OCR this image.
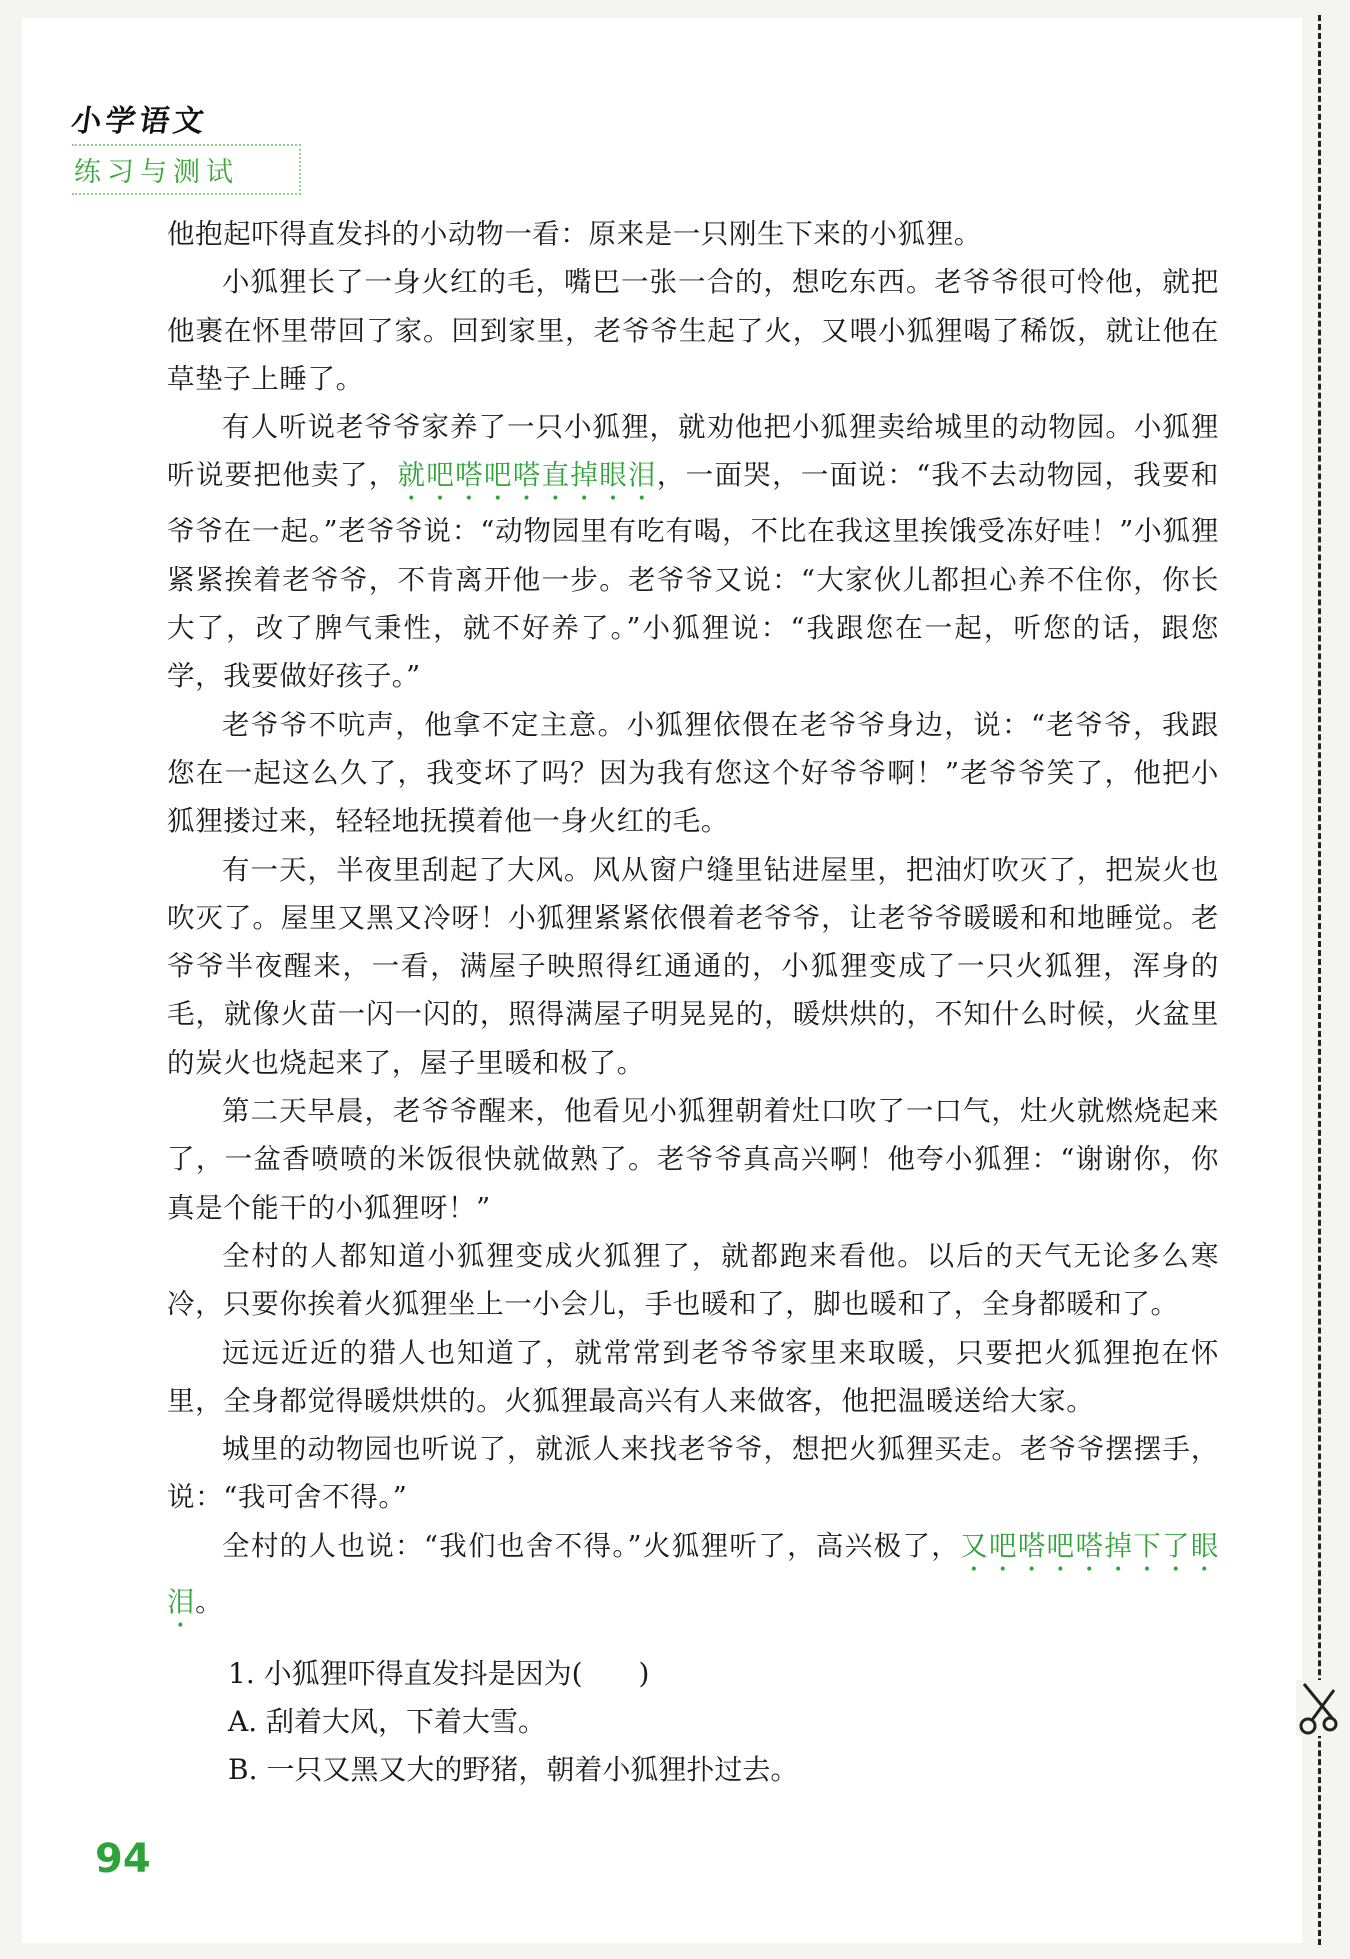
小学语文
练习与测试

他抱起吓得直发抖的小动物一看：原来是一只刚生下来的小狐狸。

小狐狸长了一身火红的毛，嘴巴一张一合的，想吃东西。老爷爷很可怜他，就把他裹在怀里带回了家。回到家里，老爷爷生起了火，又喂小狐狸喝了稀饭，就让他在草垫子上睡了。

有人听说老爷爷家养了一只小狐狸，就劝他把小狐狸卖给城里的动物园。小狐狸听说要把他卖了，就吧嗒吧嗒直掉眼泪，一面哭，一面说：“我不去动物园，我要和爷爷在一起。”老爷爷说：“动物园里有吃有喝，不比在我这里挨饿受冻好哇！”小狐狸紧紧挨着老爷爷，不肯离开他一步。老爷爷又说：“大家伙儿都担心养不住你，你长大了，改了脾气秉性，就不好养了。”小狐狸说：“我跟您在一起，听您的话，跟您学，我要做好孩子。”

老爷爷不吭声，他拿不定主意。小狐狸依偎在老爷爷身边，说：“老爷爷，我跟您在一起这么久了，我变坏了吗？因为我有您这个好爷爷啊！”老爷爷笑了，他把小狐狸搂过来，轻轻地抚摸着他一身火红的毛。

有一天，半夜里刮起了大风。风从窗户缝里钻进屋里，把油灯吹灭了，把炭火也吹灭了。屋里又黑又冷呀！小狐狸紧紧依偎着老爷爷，让老爷爷暖暖和和地睡觉。老爷爷半夜醒来，一看，满屋子映照得红通通的，小狐狸变成了一只火狐狸，浑身的毛，就像火苗一闪一闪的，照得满屋子明晃晃的，暖烘烘的，不知什么时候，火盆里的炭火也烧起来了，屋子里暖和极了。

第二天早晨，老爷爷醒来，他看见小狐狸朝着灶口吹了一口气，灶火就燃烧起来了，一盆香喷喷的米饭很快就做熟了。老爷爷真高兴啊！他夸小狐狸：“谢谢你，你真是个能干的小狐狸呀！”

全村的人都知道小狐狸变成火狐狸了，就都跑来看他。以后的天气无论多么寒冷，只要你挨着火狐狸坐上一小会儿，手也暖和了，脚也暖和了，全身都暖和了。

远远近近的猎人也知道了，就常常到老爷爷家里来取暖，只要把火狐狸抱在怀里，全身都觉得暖烘烘的。火狐狸最高兴有人来做客，他把温暖送给大家。

城里的动物园也听说了，就派人来找老爷爷，想把火狐狸买走。老爷爷摆摆手，说：“我可舍不得。”

全村的人也说：“我们也舍不得。”火狐狸听了，高兴极了，又吧嗒吧嗒掉下了眼泪。

1. 小狐狸吓得直发抖是因为(　　)
A. 刮着大风，下着大雪。
B. 一只又黑又大的野猪，朝着小狐狸扑过去。
94
